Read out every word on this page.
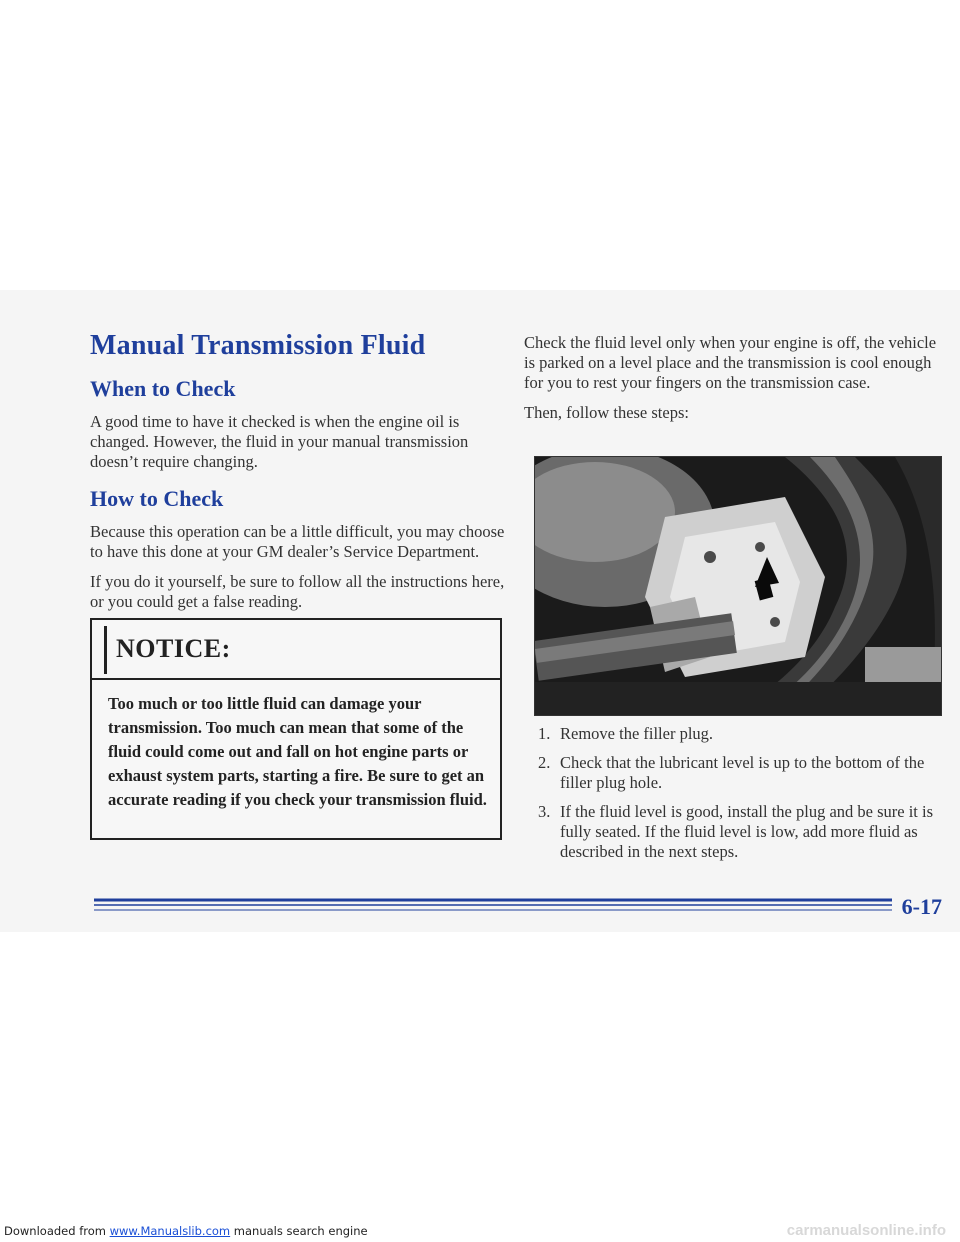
Manual Transmission Fluid
When to Check

A good time to have it checked is when the engine oil is changed. However, the fluid in your manual transmission doesn’t require changing.

How to Check

Because this operation can be a little difficult, you may choose to have this done at your GM dealer’s Service Department.

If you do it yourself, be sure to follow all the instructions here, or you could get a false reading.

NOTICE:
Too much or too little fluid can damage your transmission. Too much can mean that some of the fluid could come out and fall on hot engine parts or exhaust system parts, starting a fire. Be sure to get an accurate reading if you check your transmission fluid.

Check the fluid level only when your engine is off, the vehicle is parked on a level place and the transmission is cool enough for you to rest your fingers on the transmission case.

Then, follow these steps:

1. Remove the filler plug.
2. Check that the lubricant level is up to the bottom of the filler plug hole.
3. If the fluid level is good, install the plug and be sure it is fully seated. If the fluid level is low, add more fluid as described in the next steps.
6-17
Downloaded from www.Manualslib.com manuals search engine	carmanualsonline.info
